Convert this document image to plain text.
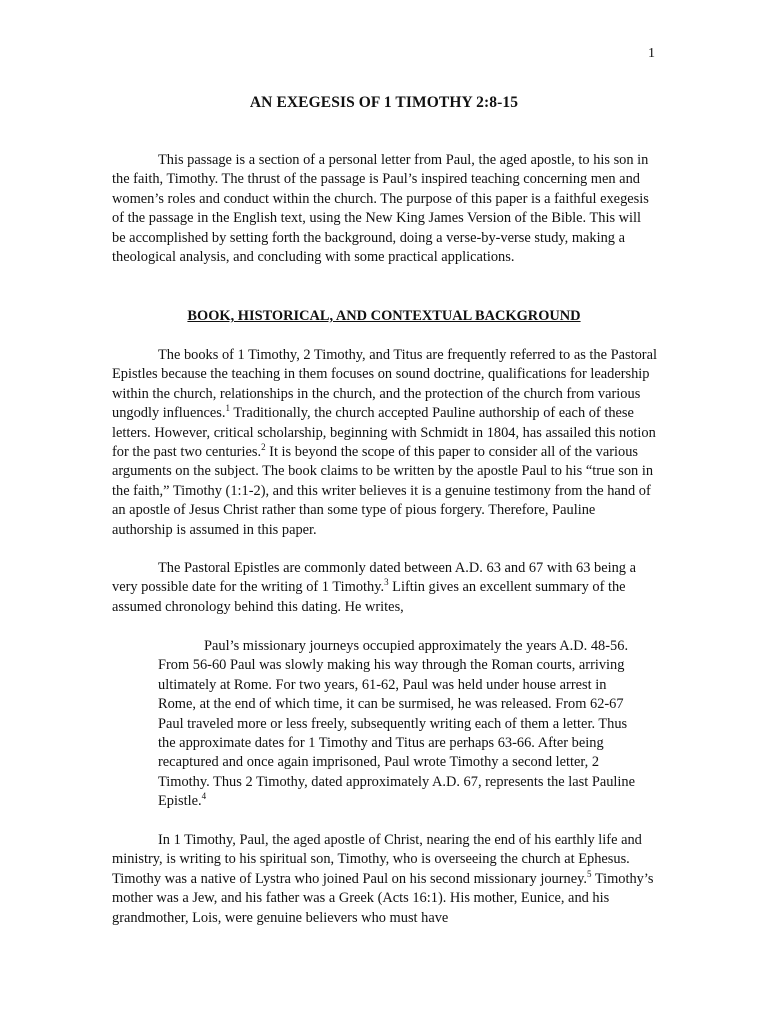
1
AN EXEGESIS OF 1 TIMOTHY 2:8-15

This passage is a section of a personal letter from Paul, the aged apostle, to his son in the faith, Timothy. The thrust of the passage is Paul’s inspired teaching concerning men and women’s roles and conduct within the church. The purpose of this paper is a faithful exegesis of the passage in the English text, using the New King James Version of the Bible. This will be accomplished by setting forth the background, doing a verse-by-verse study, making a theological analysis, and concluding with some practical applications.

BOOK, HISTORICAL, AND CONTEXTUAL BACKGROUND

The books of 1 Timothy, 2 Timothy, and Titus are frequently referred to as the Pastoral Epistles because the teaching in them focuses on sound doctrine, qualifications for leadership within the church, relationships in the church, and the protection of the church from various ungodly influences.$^1$ Traditionally, the church accepted Pauline authorship of each of these letters. However, critical scholarship, beginning with Schmidt in 1804, has assailed this notion for the past two centuries.$^2$ It is beyond the scope of this paper to consider all of the various arguments on the subject. The book claims to be written by the apostle Paul to his “true son in the faith,” Timothy (1:1-2), and this writer believes it is a genuine testimony from the hand of an apostle of Jesus Christ rather than some type of pious forgery. Therefore, Pauline authorship is assumed in this paper.

The Pastoral Epistles are commonly dated between A.D. 63 and 67 with 63 being a very possible date for the writing of 1 Timothy.$^3$ Liftin gives an excellent summary of the assumed chronology behind this dating. He writes,

Paul’s missionary journeys occupied approximately the years A.D. 48-56. From 56-60 Paul was slowly making his way through the Roman courts, arriving ultimately at Rome. For two years, 61-62, Paul was held under house arrest in Rome, at the end of which time, it can be surmised, he was released. From 62-67 Paul traveled more or less freely, subsequently writing each of them a letter. Thus the approximate dates for 1 Timothy and Titus are perhaps 63-66. After being recaptured and once again imprisoned, Paul wrote Timothy a second letter, 2 Timothy. Thus 2 Timothy, dated approximately A.D. 67, represents the last Pauline Epistle.$^4$

In 1 Timothy, Paul, the aged apostle of Christ, nearing the end of his earthly life and ministry, is writing to his spiritual son, Timothy, who is overseeing the church at Ephesus. Timothy was a native of Lystra who joined Paul on his second missionary journey.$^5$ Timothy’s mother was a Jew, and his father was a Greek (Acts 16:1). His mother, Eunice, and his grandmother, Lois, were genuine believers who must have
